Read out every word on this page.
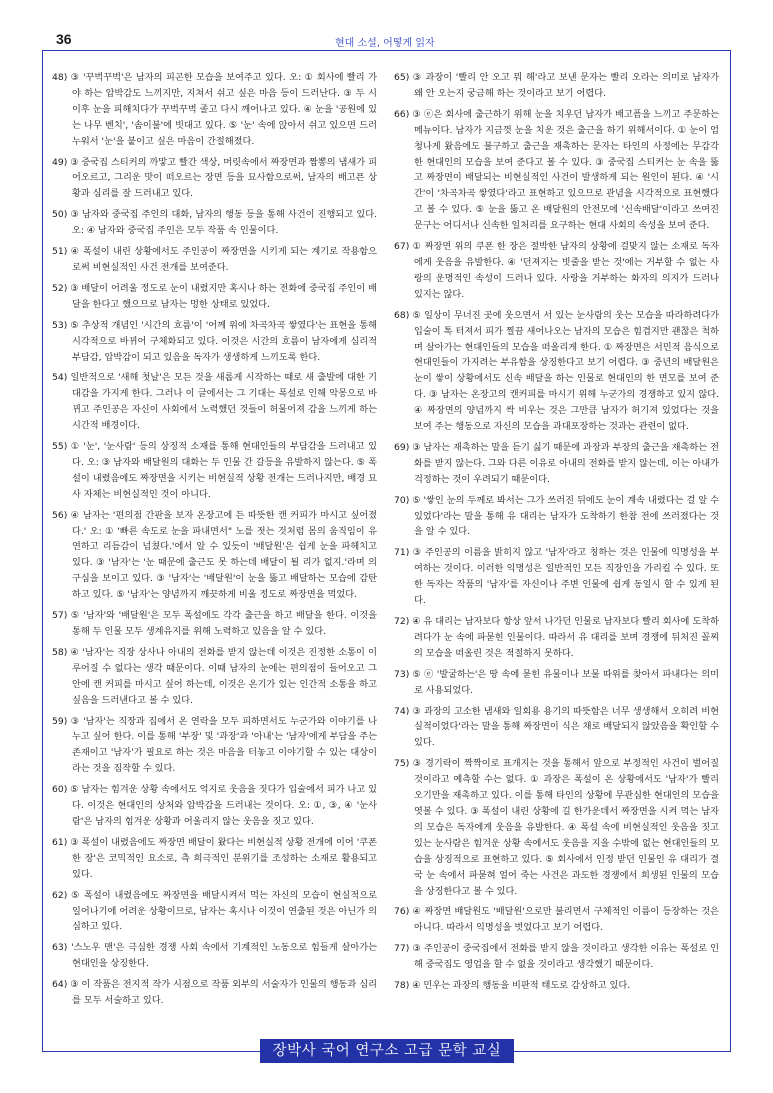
36	현대 소설, 어떻게 읽자

48) ③ '꾸벅꾸벅'은 남자의 피곤한 모습을 보여주고 있다. 오: ① 회사에 빨리 가야 하는 압박감도 느끼지만, 지쳐서 쉬고 싶은 마음 등이 드러난다. ③ 두 시 이후 눈을 피해치다가 꾸벅꾸벅 졸고 다시 깨어나고 있다. ④ 눈을 '공원에 있는 나무 벤치', '솜이불'에 빗대고 있다. ⑤ '눈' 속에 앉아서 쉬고 있으면 드러누워서 '눈'을 붙이고 싶은 마음이 간절해졌다.

49) ③ 중국집 스티커의 까맣고 빨간 색상, 머릿속에서 짜장면과 짬뽕의 냄새가 피어오르고, 그리운 맛이 떠오르는 장면 등을 묘사함으로써, 남자의 배고픈 상황과 심리를 잘 드러내고 있다.

50) ③ 남자와 중국집 주인의 대화, 남자의 행동 등을 통해 사건이 진행되고 있다. 오: ④ 남자와 중국집 주인은 모두 작품 속 인물이다.

51) ④ 폭설이 내린 상황에서도 주인공이 짜장면을 시키게 되는 계기로 작용함으로써 비현실적인 사건 전개를 보여준다.

52) ③ 배달이 어려울 정도로 눈이 내렸지만 혹시나 하는 전화에 중국집 주인이 배달을 한다고 했으므로 남자는 멍한 상태로 있었다.

53) ⑤ 추상적 개념인 '시간의 흐름'이 '어께 위에 차곡차곡 쌓였다'는 표현을 통해 시각적으로 바뀌어 구체화되고 있다. 이것은 시간의 흐름이 남자에게 심리적 부담감, 압박감이 되고 있음을 독자가 생생하게 느끼도록 한다.

54) 일반적으로 '새해 첫날'은 모든 것을 새롭게 시작하는 때로 새 출발에 대한 기대감을 가지게 한다. 그러나 이 글에서는 그 기대는 폭설로 인해 악몽으로 바뀌고 주인공은 자신이 사회에서 노력했던 것들이 허물어져 감을 느끼게 하는 시간적 배경이다.

55) ① '눈', '눈사람' 등의 상징적 소재를 통해 현대인들의 부담감을 드러내고 있다. 오: ③ 남자와 배달원의 대화는 두 인물 간 갈등을 유발하지 않는다. ⑤ 폭설이 내렸음에도 짜장면을 시키는 비현실적 상황 전개는 드러나지만, 배경 묘사 자체는 비현실적인 것이 아니다.

56) ④ 남자는 '편의점 간판을 보자 온장고에 든 따뜻한 캔 커피가 마시고 싶어졌다.' 오: ① '빠른 속도로 눈을 파내면서" 노를 젓는 것처럼 몸의 움직임이 유연하고 리듬감이 넘쳤다.'에서 알 수 있듯이 '배달원'은 쉽게 눈을 파헤치고 있다. ③ '남자'는 '눈 때문에 출근도 못 하는데 배달이 될 리가 없지.'라며 의구심을 보이고 있다. ③ '남자'는 '배달원'이 눈을 뚫고 배달하는 모습에 감탄하고 있다. ⑤ '남자'는 양념까지 깨끗하게 비울 정도로 짜장면을 먹었다.

57) ⑤ '남자'와 '배달원'은 모두 폭설에도 각각 출근을 하고 배달을 한다. 이것을 통해 두 인물 모두 생계유지를 위해 노력하고 있음을 알 수 있다.

58) ④ '남자'는 직장 상사나 아내의 전화를 받지 않는데 이것은 진정한 소통이 이루어질 수 없다는 생각 때문이다. 이때 남자의 눈에는 편의점이 들어오고 그 안에 캔 커피를 마시고 싶어 하는데, 이것은 온기가 있는 인간적 소통을 하고 싶음을 드러낸다고 볼 수 있다.

59) ③ '남자'는 직장과 집에서 온 연락을 모두 피하면서도 누군가와 이야기를 나누고 싶어 한다. 이를 통해 '부장' 및 '과장'과 '아내'는 '남자'에게 부담을 주는 존재이고 '남자'가 필요로 하는 것은 마음을 터놓고 이야기할 수 있는 대상이라는 것을 짐작할 수 있다.

60) ⑤ 남자는 힘겨운 상황 속에서도 억지로 웃음을 짓다가 입술에서 피가 나고 있다. 이것은 현대인의 상처와 압박감을 드러내는 것이다. 오: ①, ③, ④ '눈사람'은 남자의 힘겨운 상황과 어울리지 않는 웃음을 짓고 있다.

61) ③ 폭설이 내렸음에도 짜장면 배달이 왔다는 비현실적 상황 전개에 이어 '쿠폰 한 장'은 코믹적인 요소로, 측 희극적인 분위기를 조성하는 소재로 활용되고 있다.

62) ⑤ 폭설이 내렸음에도 짜장면을 배달시켜서 먹는 자신의 모습이 현실적으로 일어나기에 어려운 상황이므로, 남자는 혹시나 이것이 연출된 것은 아닌가 의심하고 있다.

63) '스노우 맨'은 극심한 경쟁 사회 속에서 기계적인 노동으로 힘들게 살아가는 현대인을 상징한다.

64) ③ 이 작품은 전지적 작가 시점으로 작품 외부의 서술자가 인물의 행동과 심리를 모두 서술하고 있다.

65) ③ 과장이 '빨리 안 오고 뭐 해'라고 보낸 문자는 빨리 오라는 의미로 남자가 왜 안 오는지 궁금해 하는 것이라고 보기 어렵다.

66) ③ ⓔ은 회사에 출근하기 위해 눈을 치우던 남자가 배고픔을 느끼고 주문하는 메뉴이다. 남자가 지금껏 눈을 치운 것은 출근을 하기 위해서이다. ① 눈이 엄청나게 왔음에도 불구하고 출근을 재촉하는 문자는 타인의 사정에는 무감각한 현대인의 모습을 보여 준다고 볼 수 있다. ③ 중국집 스티커는 눈 속을 뚫고 짜장면이 배달되는 비현실적인 사건이 발생하게 되는 원인이 된다. ④ '시간'이 '차곡차곡 쌓였다'라고 표현하고 있으므로 관념을 시각적으로 표현했다고 볼 수 있다. ⑤ 눈을 뚫고 온 배달원의 안전모에 '신속배달'이라고 쓰여진 문구는 어디서나 신속한 일처리를 요구하는 현대 사회의 속성을 보여 준다.

67) ① 짜장면 위의 쿠폰 한 장은 절박한 남자의 상황에 걸맞지 않는 소재로 독자에게 웃음을 유발한다. ④ '던져지는 빗줄을 받는 것'에는 거부할 수 없는 사랑의 운명적인 속성이 드러나 있다. 사랑을 거부하는 화자의 의지가 드러나 있지는 않다.

68) ⑤ 일상이 무너진 곳에 웃으면서 서 있는 눈사람의 웃는 모습을 따라하려다가 입술이 톡 터져서 피가 찔끔 새어나오는 남자의 모습은 힘겹지만 괜찮은 척하며 살아가는 현대인들의 모습을 떠올리게 한다. ① 짜장면은 서민적 음식으로 현대인들이 가지려는 부유함을 상징한다고 보기 어렵다. ③ 중년의 배달원은 눈이 쌓이 상황에서도 신속 배달을 하는 인물로 현대인의 한 면모를 보여 준다. ③ 남자는 온장고의 캔커피를 마시기 위해 누군가의 경쟁하고 있지 않다. ④ 짜장면의 양념까지 싹 비우는 것은 그만큼 남자가 허기져 있었다는 것을 보여 주는 행동으로 자신의 모습을 과대포장하는 것과는 관련이 없다.

69) ③ 남자는 재촉하는 말을 듣기 싫기 때문에 과장과 부장의 출근을 재촉하는 전화를 받지 않는다. 그와 다른 이유로 아내의 전화를 받지 않는데, 이는 아내가 걱정하는 것이 우려되기 때문이다.

70) ⑤ '쌓인 눈의 두께로 봐서는 그가 쓰러진 뒤에도 눈이 계속 내렸다는 걸 알 수 있었다'라는 말을 통해 유 대리는 남자가 도착하기 한참 전에 쓰러졌다는 것을 알 수 있다.

71) ③ 주인공의 이름을 밝히지 않고 '남자'라고 칭하는 것은 인물에 익명성을 부여하는 것이다. 이러한 익명성은 일반적인 모든 직장인을 가리킬 수 있다. 또한 독자는 작품의 '남자'를 자신이나 주변 인물에 쉽게 동일시 할 수 있게 된다.

72) ④ 유 대리는 남자보다 항상 앞서 나가던 인물로 남자보다 빨리 회사에 도착하려다가 눈 속에 파묻힌 인물이다. 따라서 유 대리를 보며 경쟁에 뒤처진 꼴찌의 모습을 떠올린 것은 적절하지 못하다.

73) ⑤ ⓔ '발굴하는'은 땅 속에 묻힌 유물이나 보물 따위를 찾아서 파내다는 의미로 사용되었다.

74) ③ 과장의 고소한 냄새와 일회용 용기의 따뜻함은 너무 생생해서 오히려 비현실적이었다'라는 말을 통해 짜장면이 식은 채로 배달되지 않았음을 확인할 수 있다.

75) ③ 경기락이 짝짝이로 표개지는 것을 통해서 앞으로 부정적인 사건이 벌어질 것이라고 예측할 수는 없다. ① 과장은 폭설이 온 상황에서도 '남자'가 빨리 오기만을 재촉하고 있다. 이를 통해 타인의 상황에 무관심한 현대인의 모습을 엿볼 수 있다. ③ 폭설이 내린 상황에 길 한가운데서 짜장면을 시켜 먹는 남자의 모습은 독자에게 웃음을 유발한다. ④ 폭설 속에 비현실적인 웃음을 짓고 있는 눈사람은 힘겨운 상황 속에서도 웃음을 지을 수밖에 없는 현대인들의 모습을 상징적으로 표현하고 있다. ⑤ 회사에서 인정 받던 인물인 유 대리가 결국 눈 속에서 파묻혀 얼어 죽는 사건은 과도한 경쟁에서 희생된 인물의 모습을 상징한다고 볼 수 있다.

76) ④ 짜장면 배달원도 '배달원'으로만 불리면서 구체적인 이름이 등장하는 것은 아니다. 따라서 익명성을 벗었다고 보기 어렵다.

77) ③ 주인공이 중국집에서 전화를 받지 않을 것이라고 생각한 이유는 폭설로 인해 중국집도 영업을 할 수 없을 것이라고 생각했기 때문이다.

78) ④ 민우는 과장의 행동을 비판적 태도로 감상하고 있다.

장박사 국어 연구소 고급 문학 교실
